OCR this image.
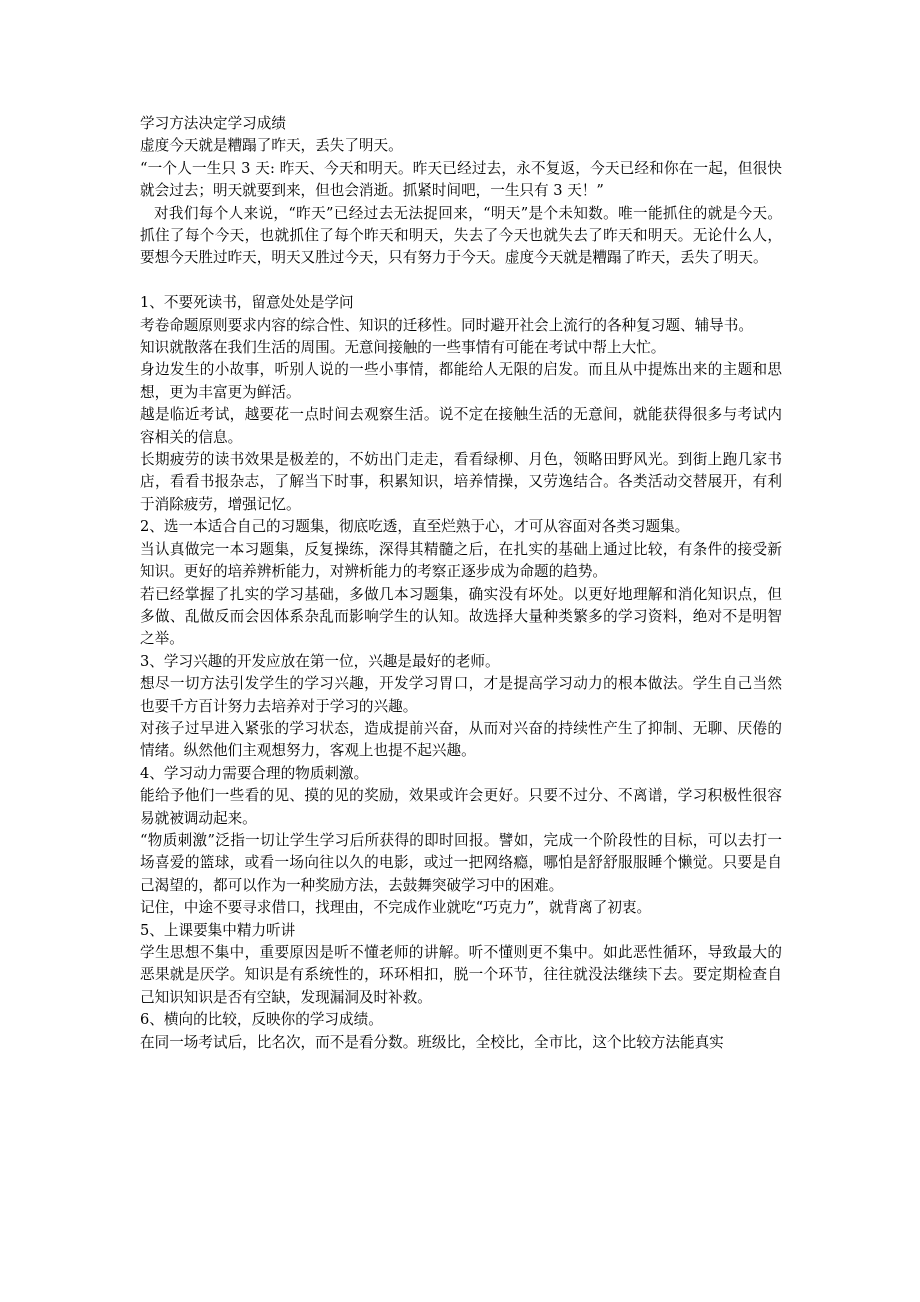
学习方法决定学习成绩

虚度今天就是糟蹋了昨天，丢失了明天。

“一个人一生只 3 天: 昨天、今天和明天。昨天已经过去，永不复返，今天已经和你在一起，但很快就会过去；明天就要到来，但也会消逝。抓紧时间吧，一生只有 3 天！”

对我们每个人来说，“昨天”已经过去无法捉回来，“明天”是个未知数。唯一能抓住的就是今天。抓住了每个今天，也就抓住了每个昨天和明天，失去了今天也就失去了昨天和明天。无论什么人，要想今天胜过昨天，明天又胜过今天，只有努力于今天。虚度今天就是糟蹋了昨天，丢失了明天。

1、不要死读书，留意处处是学问

考卷命题原则要求内容的综合性、知识的迁移性。同时避开社会上流行的各种复习题、辅导书。

知识就散落在我们生活的周围。无意间接触的一些事情有可能在考试中帮上大忙。

身边发生的小故事，听别人说的一些小事情，都能给人无限的启发。而且从中提炼出来的主题和思想，更为丰富更为鲜活。

越是临近考试，越要花一点时间去观察生活。说不定在接触生活的无意间，就能获得很多与考试内容相关的信息。

长期疲劳的读书效果是极差的，不妨出门走走，看看绿柳、月色，领略田野风光。到街上跑几家书店，看看书报杂志，了解当下时事，积累知识，培养情操，又劳逸结合。各类活动交替展开，有利于消除疲劳，增强记忆。

2、选一本适合自己的习题集，彻底吃透，直至烂熟于心，才可从容面对各类习题集。

当认真做完一本习题集，反复操练，深得其精髓之后，在扎实的基础上通过比较，有条件的接受新知识。更好的培养辨析能力，对辨析能力的考察正逐步成为命题的趋势。

若已经掌握了扎实的学习基础，多做几本习题集，确实没有坏处。以更好地理解和消化知识点，但多做、乱做反而会因体系杂乱而影响学生的认知。故选择大量种类繁多的学习资料，绝对不是明智之举。

3、学习兴趣的开发应放在第一位，兴趣是最好的老师。

想尽一切方法引发学生的学习兴趣，开发学习胃口，才是提高学习动力的根本做法。学生自己当然也要千方百计努力去培养对于学习的兴趣。

对孩子过早进入紧张的学习状态，造成提前兴奋，从而对兴奋的持续性产生了抑制、无聊、厌倦的情绪。纵然他们主观想努力，客观上也提不起兴趣。

4、学习动力需要合理的物质刺激。

能给予他们一些看的见、摸的见的奖励，效果或许会更好。只要不过分、不离谱，学习积极性很容易就被调动起来。

“物质刺激”泛指一切让学生学习后所获得的即时回报。譬如，完成一个阶段性的目标，可以去打一场喜爱的篮球，或看一场向往以久的电影，或过一把网络瘾，哪怕是舒舒服服睡个懒觉。只要是自己渴望的，都可以作为一种奖励方法，去鼓舞突破学习中的困难。

记住，中途不要寻求借口，找理由，不完成作业就吃“巧克力”，就背离了初衷。

5、上课要集中精力听讲

学生思想不集中，重要原因是听不懂老师的讲解。听不懂则更不集中。如此恶性循环，导致最大的恶果就是厌学。知识是有系统性的，环环相扣，脱一个环节，往往就没法继续下去。要定期检查自己知识知识是否有空缺，发现漏洞及时补救。

6、横向的比较，反映你的学习成绩。

在同一场考试后，比名次，而不是看分数。班级比，全校比，全市比，这个比较方法能真实
